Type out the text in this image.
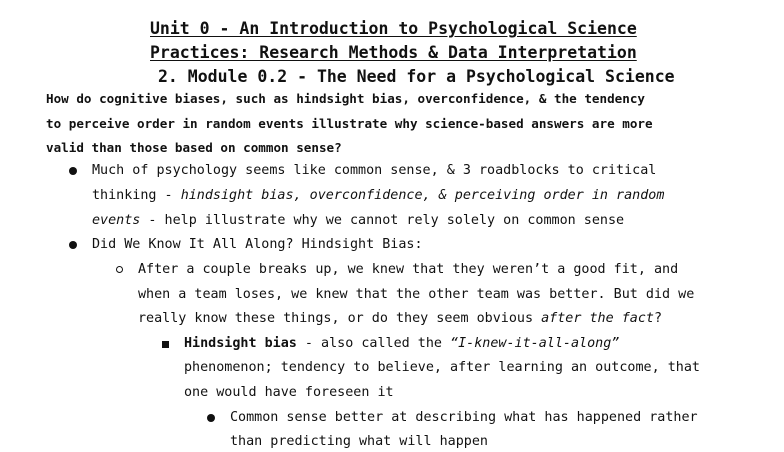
Unit 0 - An Introduction to Psychological Science
Practices: Research Methods & Data Interpretation
2. Module 0.2 - The Need for a Psychological Science
How do cognitive biases, such as hindsight bias, overconfidence, & the tendency
to perceive order in random events illustrate why science-based answers are more
valid than those based on common sense?
Much of psychology seems like common sense, & 3 roadblocks to critical
thinking - hindsight bias, overconfidence, & perceiving order in random
events - help illustrate why we cannot rely solely on common sense
Did We Know It All Along? Hindsight Bias:
After a couple breaks up, we knew that they weren’t a good fit, and
when a team loses, we knew that the other team was better. But did we
really know these things, or do they seem obvious after the fact?
Hindsight bias - also called the “I-knew-it-all-along”
phenomenon; tendency to believe, after learning an outcome, that
one would have foreseen it
Common sense better at describing what has happened rather
than predicting what will happen
